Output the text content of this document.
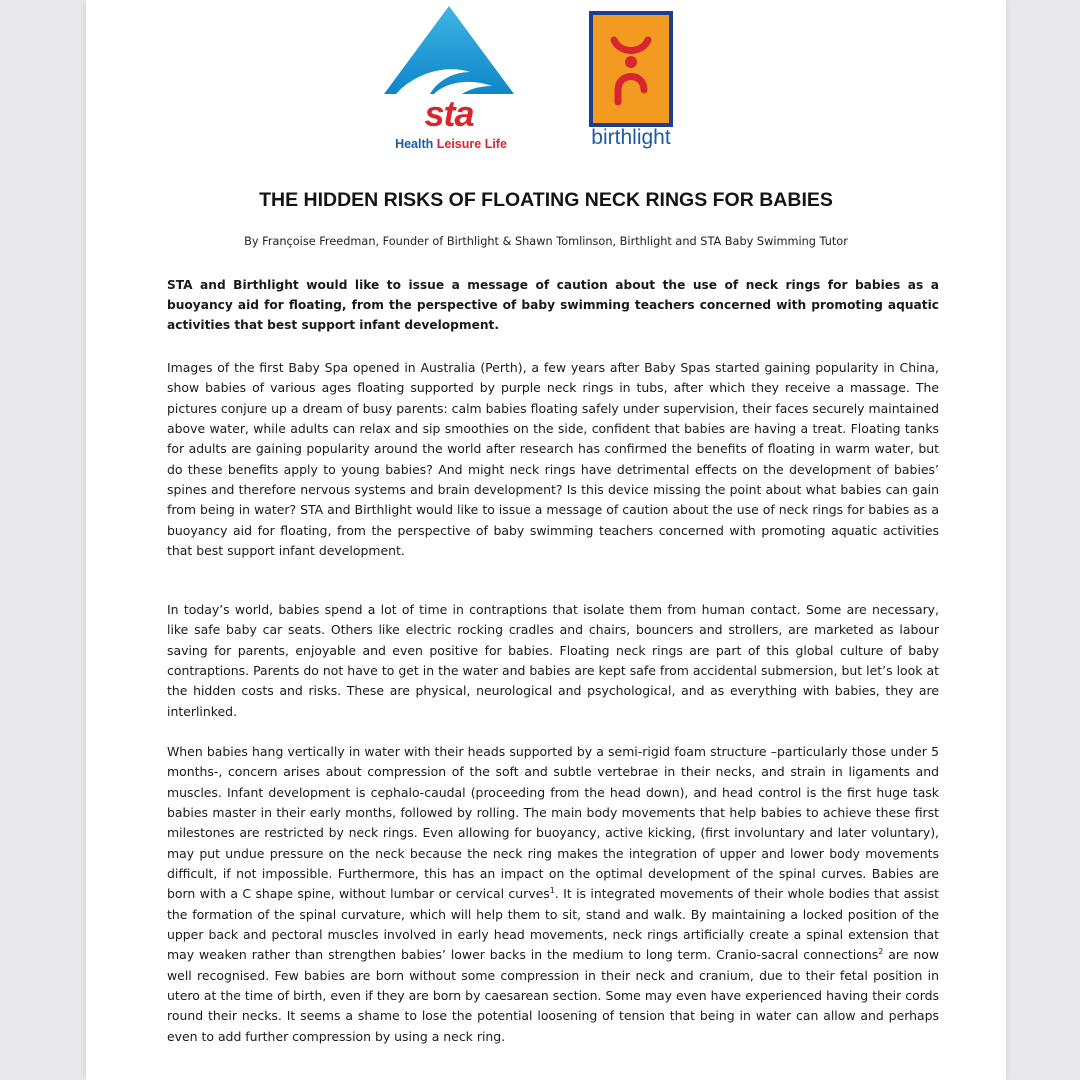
sta
Health Leisure Life	birthlight
THE HIDDEN RISKS OF FLOATING NECK RINGS FOR BABIES
By Françoise Freedman, Founder of Birthlight & Shawn Tomlinson, Birthlight and STA Baby Swimming Tutor

STA and Birthlight would like to issue a message of caution about the use of neck rings for babies as a buoyancy aid for floating, from the perspective of baby swimming teachers concerned with promoting aquatic activities that best support infant development.

Images of the first Baby Spa opened in Australia (Perth), a few years after Baby Spas started gaining popularity in China, show babies of various ages floating supported by purple neck rings in tubs, after which they receive a massage. The pictures conjure up a dream of busy parents: calm babies floating safely under supervision, their faces securely maintained above water, while adults can relax and sip smoothies on the side, confident that babies are having a treat. Floating tanks for adults are gaining popularity around the world after research has confirmed the benefits of floating in warm water, but do these benefits apply to young babies? And might neck rings have detrimental effects on the development of babies’ spines and therefore nervous systems and brain development? Is this device missing the point about what babies can gain from being in water? STA and Birthlight would like to issue a message of caution about the use of neck rings for babies as a buoyancy aid for floating, from the perspective of baby swimming teachers concerned with promoting aquatic activities that best support infant development.

In today’s world, babies spend a lot of time in contraptions that isolate them from human contact. Some are necessary, like safe baby car seats. Others like electric rocking cradles and chairs, bouncers and strollers, are marketed as labour saving for parents, enjoyable and even positive for babies. Floating neck rings are part of this global culture of baby contraptions. Parents do not have to get in the water and babies are kept safe from accidental submersion, but let’s look at the hidden costs and risks. These are physical, neurological and psychological, and as everything with babies, they are interlinked.

When babies hang vertically in water with their heads supported by a semi-rigid foam structure –particularly those under 5 months-, concern arises about compression of the soft and subtle vertebrae in their necks, and strain in ligaments and muscles. Infant development is cephalo-caudal (proceeding from the head down), and head control is the first huge task babies master in their early months, followed by rolling. The main body movements that help babies to achieve these first milestones are restricted by neck rings. Even allowing for buoyancy, active kicking, (first involuntary and later voluntary), may put undue pressure on the neck because the neck ring makes the integration of upper and lower body movements difficult, if not impossible. Furthermore, this has an impact on the optimal development of the spinal curves. Babies are born with a C shape spine, without lumbar or cervical curves$^1$. It is integrated movements of their whole bodies that assist the formation of the spinal curvature, which will help them to sit, stand and walk. By maintaining a locked position of the upper back and pectoral muscles involved in early head movements, neck rings artificially create a spinal extension that may weaken rather than strengthen babies’ lower backs in the medium to long term. Cranio-sacral connections$^2$ are now well recognised. Few babies are born without some compression in their neck and cranium, due to their fetal position in utero at the time of birth, even if they are born by caesarean section. Some may even have experienced having their cords round their necks. It seems a shame to lose the potential loosening of tension that being in water can allow and perhaps even to add further compression by using a neck ring.
